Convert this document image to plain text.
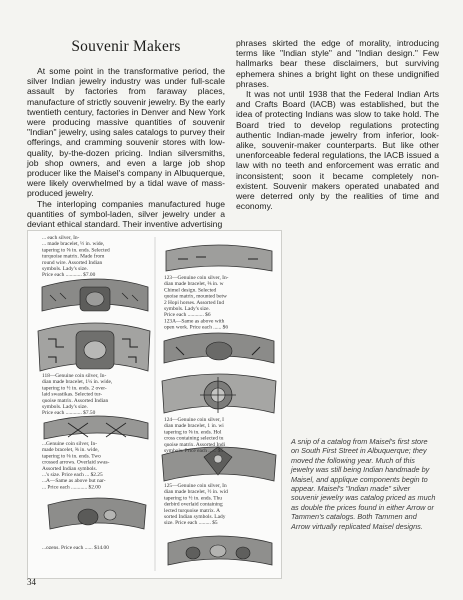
Souvenir Makers

At some point in the transformative period, the silver Indian jewelry industry was under full-scale assault by factories from faraway places, manufacture of strictly souvenir jewelry. By the early twentieth century, factories in Denver and New York were producing massive quantities of souvenir "Indian" jewelry, using sales catalogs to purvey their offerings, and cramming souvenir stores with low-quality, by-the-dozen pricing. Indian silversmiths, job shop owners, and even a large job shop producer like the Maisel's company in Albuquerque, were likely overwhelmed by a tidal wave of mass-produced jewelry.

The interloping companies manufactured huge quantities of symbol-laden, silver jewelry under a deviant ethical standard. Their inventive advertising

phrases skirted the edge of morality, introducing terms like "Indian style" and "Indian design." Few hallmarks bear these disclaimers, but surviving ephemera shines a bright light on these undignified phrases.

It was not until 1938 that the Federal Indian Arts and Crafts Board (IACB) was established, but the idea of protecting Indians was slow to take hold. The Board tried to develop regulations protecting authentic Indian-made jewelry from inferior, look-alike, souvenir-maker counterparts. But like other unenforceable federal regulations, the IACB issued a law with no teeth and enforcement was erratic and inconsistent; soon it became completely non-existent. Souvenir makers operated unabated and were deterred only by the realities of time and economy.

... each silver, In-
... made bracelet, ½ in. wide,
tapering to ⅝ in. ends. Selected
turquoise matrix. Made from
round wire. Assorted Indian
symbols. Lady's size.
Price each ............ $7.00
118—Genuine coin silver, In-
dian made bracelet, 1¼ in. wide,
tapering to ½ in. ends. 2 over-
laid swastikas. Selected tur-
quoise matrix. Assorted Indian
symbols. Lady's size.
Price each ............ $7.50
...Genuine coin silver, In-
made bracelet, ⅝ in. wide,
tapering to ⅜ in. ends. Two
crossed arrows. Overlaid swas-
Assorted Indian symbols.
...'s size. Price each ... $2.25
...A—Same as above but nar-
... Price each ............ $2.00
...ozens. Price each ...... $14.00
123—Genuine coin silver, In-
dian made bracelet, ⅝ in. w
Chimel design. Selected
quoise matrix, mounted betw
2 Hopi horses. Assorted Ind
symbols. Lady's size.
Price each ............ $6
123A—Same as above with
open work. Price each ...... $6
124—Genuine coin silver, I
dian made bracelet, 1 in. wi
tapering to ⅝ in. ends. Hol
cross containing selected tu
quoise matrix. Assorted Indi
symbols. Price each ...... $5
125—Genuine coin silver, In
dian made bracelet, ½ in. wid
tapering to ½ in. ends. Thu
derbird overlaid containing
lected turquoise matrix. A
sorted Indian symbols. Lady
size. Price each ......... $5
A snip of a catalog from Maisel's first store on South First Street in Albuquerque; they moved the following year. Much of this jewelry was still being Indian handmade by Maisel, and applique components begin to appear. Maisel's "Indian made" silver souvenir jewelry was catalog priced as much as double the prices found in either Arrow or Tammen's catalogs. Both Tammen and Arrow virtually replicated Maisel designs.
34
